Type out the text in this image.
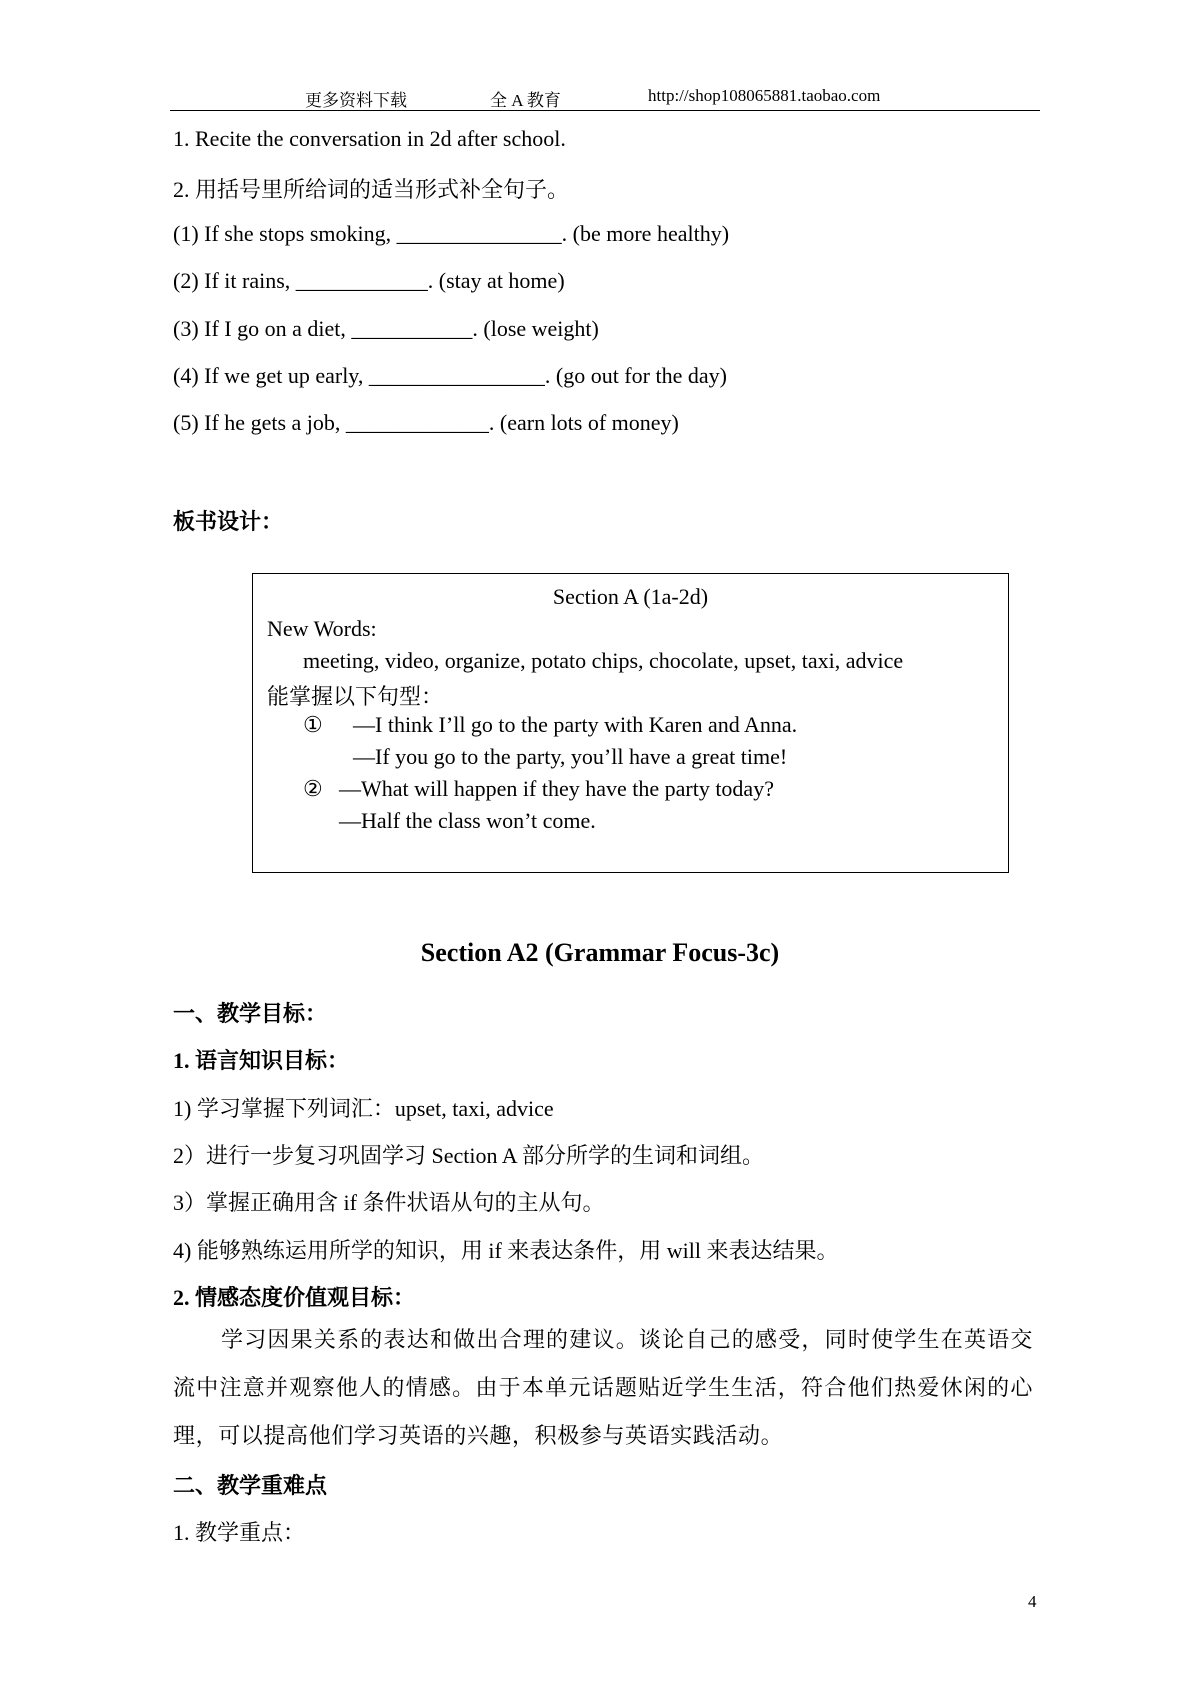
更多资料下载	全 A 教育	http://shop108065881.taobao.com
1. Recite the conversation in 2d after school.
2. 用括号里所给词的适当形式补全句子。
(1) If she stops smoking, _______________. (be more healthy)
(2) If it rains, ____________. (stay at home)
(3) If I go on a diet, ___________. (lose weight)
(4) If we get up early, ________________. (go out for the day)
(5) If he gets a job, _____________. (earn lots of money)
板书设计：
Section A (1a-2d)
New Words:
meeting, video, organize, potato chips, chocolate, upset, taxi, advice
能掌握以下句型：
① —I think I’ll go to the party with Karen and Anna.
—If you go to the party, you’ll have a great time!
② —What will happen if they have the party today?
—Half the class won’t come.
Section A2 (Grammar Focus-3c)
一、教学目标：
1. 语言知识目标：
1) 学习掌握下列词汇：upset, taxi, advice
2）进行一步复习巩固学习 Section A 部分所学的生词和词组。
3）掌握正确用含 if 条件状语从句的主从句。
4) 能够熟练运用所学的知识，用 if 来表达条件，用 will 来表达结果。
2. 情感态度价值观目标：
学习因果关系的表达和做出合理的建议。谈论自己的感受，同时使学生在英语交流中注意并观察他人的情感。由于本单元话题贴近学生生活，符合他们热爱休闲的心理，可以提高他们学习英语的兴趣，积极参与英语实践活动。
二、教学重难点
1. 教学重点：
4
